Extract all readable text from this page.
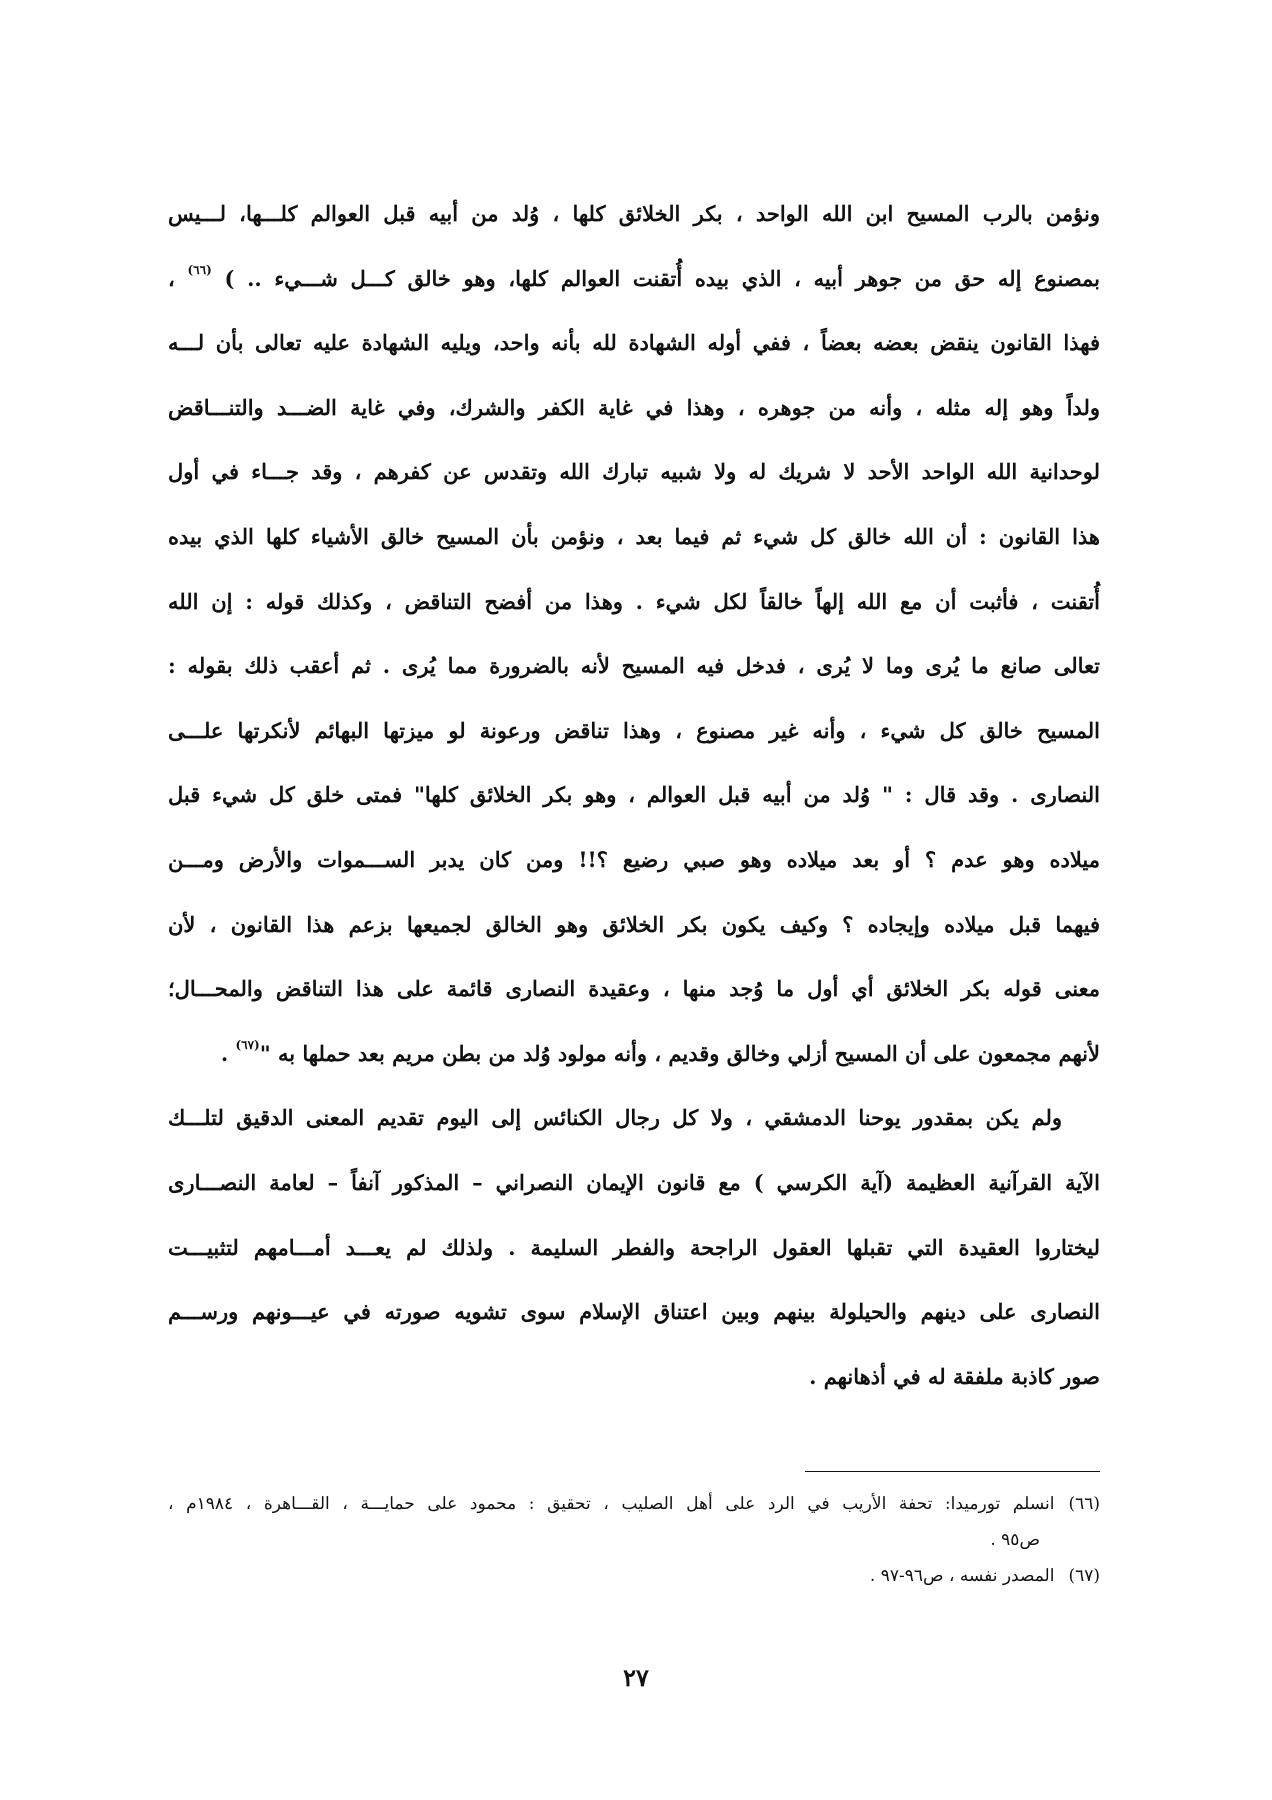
ونؤمن بالرب المسيح ابن الله الواحد ، بكر الخلائق كلها ، وُلد من أبيه قبل العوالم كلـــها، لـــيس
بمصنوع إله حق من جوهر أبيه ، الذي بيده أُتقنت العوالم كلها، وهو خالق كـــل شـــيء .. ) $^{(٦٦)}$ ،
فهذا القانون ينقض بعضه بعضاً ، ففي أوله الشهادة لله بأنه واحد، ويليه الشهادة عليه تعالى بأن لـــه
ولداً وهو إله مثله ، وأنه من جوهره ، وهذا في غاية الكفر والشرك، وفي غاية الضـــد والتنـــاقض
لوحدانية الله الواحد الأحد لا شريك له ولا شبيه تبارك الله وتقدس عن كفرهم ، وقد جـــاء في أول
هذا القانون : أن الله خالق كل شيء ثم فيما بعد ، ونؤمن بأن المسيح خالق الأشياء كلها الذي بيده
أُتقنت ، فأثبت أن مع الله إلهاً خالقاً لكل شيء . وهذا من أفضح التناقض ، وكذلك قوله : إن الله
تعالى صانع ما يُرى وما لا يُرى ، فدخل فيه المسيح لأنه بالضرورة مما يُرى . ثم أعقب ذلك بقوله :
المسيح خالق كل شيء ، وأنه غير مصنوع ، وهذا تناقض ورعونة لو ميزتها البهائم لأنكرتها علـــى
النصارى . وقد قال : " وُلد من أبيه قبل العوالم ، وهو بكر الخلائق كلها" فمتى خلق كل شيء قبل
ميلاده وهو عدم ؟ أو بعد ميلاده وهو صبي رضيع ؟!! ومن كان يدبر الســـموات والأرض ومـــن
فيهما قبل ميلاده وإيجاده ؟ وكيف يكون بكر الخلائق وهو الخالق لجميعها بزعم هذا القانون ، لأن
معنى قوله بكر الخلائق أي أول ما وُجد منها ، وعقيدة النصارى قائمة على هذا التناقض والمحـــال؛
لأنهم مجمعون على أن المسيح أزلي وخالق وقديم ، وأنه مولود وُلد من بطن مريم بعد حملها به "$^{(٦٧)}$ .
ولم يكن بمقدور يوحنا الدمشقي ، ولا كل رجال الكنائس إلى اليوم تقديم المعنى الدقيق لتلـــك
الآية القرآنية العظيمة (آية الكرسي ) مع قانون الإيمان النصراني – المذكور آنفاً – لعامة النصـــارى
ليختاروا العقيدة التي تقبلها العقول الراجحة والفطر السليمة . ولذلك لم يعـــد أمـــامهم لتثبيـــت
النصارى على دينهم والحيلولة بينهم وبين اعتناق الإسلام سوى تشويه صورته في عيـــونهم ورســـم
صور كاذبة ملفقة له في أذهانهم .
(٦٦)انسلم تورميدا: تحفة الأريب في الرد على أهل الصليب ، تحقيق : محمود على حمايـــة ، القـــاهرة ، ١٩٨٤م ،
ص٩٥ .
(٦٧)المصدر نفسه ، ص٩٦-٩٧ .
٢٧
